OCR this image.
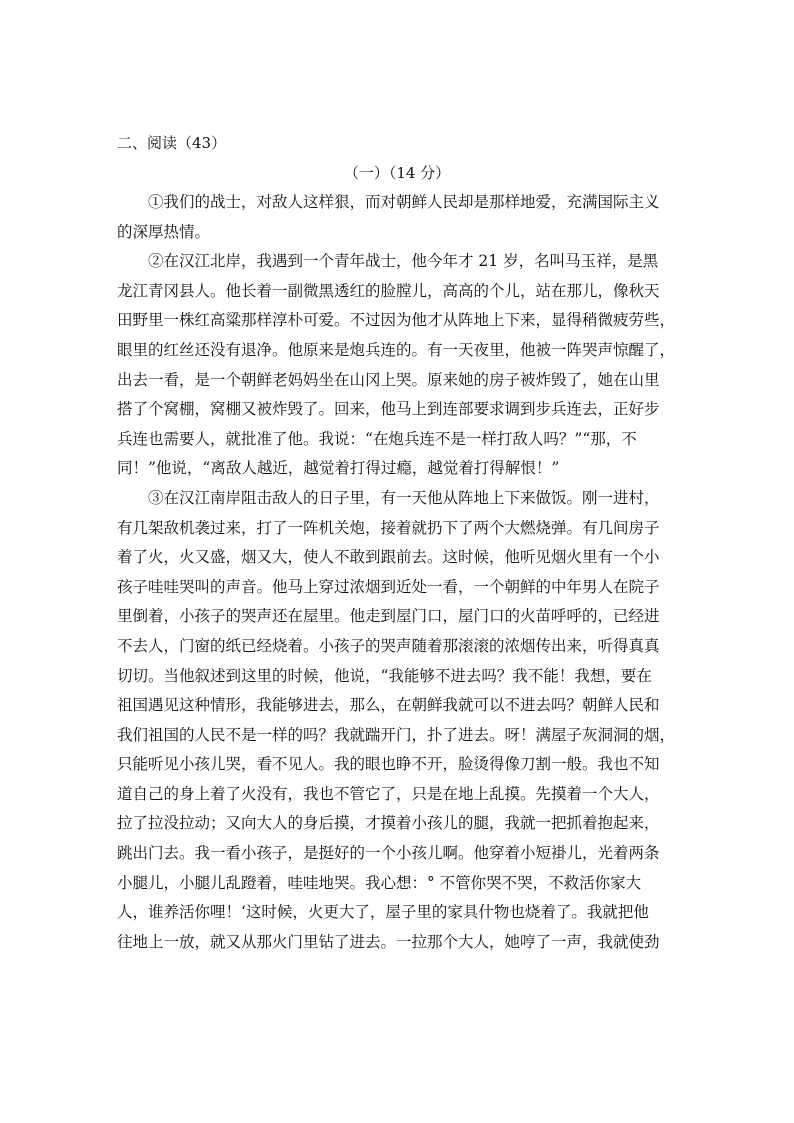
二、阅读（43）

（一）（14 分）

①我们的战士，对敌人这样狠，而对朝鲜人民却是那样地爱，充满国际主义
的深厚热情。
②在汉江北岸，我遇到一个青年战士，他今年才 21 岁，名叫马玉祥，是黑
龙江青冈县人。他长着一副微黑透红的脸膛儿，高高的个儿，站在那儿，像秋天
田野里一株红高粱那样淳朴可爱。不过因为他才从阵地上下来，显得稍微疲劳些，
眼里的红丝还没有退净。他原来是炮兵连的。有一天夜里，他被一阵哭声惊醒了，
出去一看，是一个朝鲜老妈妈坐在山冈上哭。原来她的房子被炸毁了，她在山里
搭了个窝棚，窝棚又被炸毁了。回来，他马上到连部要求调到步兵连去，正好步
兵连也需要人，就批准了他。我说：“在炮兵连不是一样打敌人吗？”“那，不
同！”他说，“离敌人越近，越觉着打得过瘾，越觉着打得解恨！”
③在汉江南岸阻击敌人的日子里，有一天他从阵地上下来做饭。刚一进村，
有几架敌机袭过来，打了一阵机关炮，接着就扔下了两个大燃烧弹。有几间房子
着了火，火又盛，烟又大，使人不敢到跟前去。这时候，他听见烟火里有一个小
孩子哇哇哭叫的声音。他马上穿过浓烟到近处一看，一个朝鲜的中年男人在院子
里倒着，小孩子的哭声还在屋里。他走到屋门口，屋门口的火苗呼呼的，已经进
不去人，门窗的纸已经烧着。小孩子的哭声随着那滚滚的浓烟传出来，听得真真
切切。当他叙述到这里的时候，他说，“我能够不进去吗？我不能！我想，要在
祖国遇见这种情形，我能够进去，那么，在朝鲜我就可以不进去吗？朝鲜人民和
我们祖国的人民不是一样的吗？我就踹开门，扑了进去。呀！满屋子灰洞洞的烟，
只能听见小孩儿哭，看不见人。我的眼也睁不开，脸烫得像刀割一般。我也不知
道自己的身上着了火没有，我也不管它了，只是在地上乱摸。先摸着一个大人，
拉了拉没拉动；又向大人的身后摸，才摸着小孩儿的腿，我就一把抓着抱起来，
跳出门去。我一看小孩子，是挺好的一个小孩儿啊。他穿着小短褂儿，光着两条
小腿儿，小腿儿乱蹬着，哇哇地哭。我心想：° 不管你哭不哭，不救活你家大
人，谁养活你哩！‘这时候，火更大了，屋子里的家具什物也烧着了。我就把他
往地上一放，就又从那火门里钻了进去。一拉那个大人，她哼了一声，我就使劲
